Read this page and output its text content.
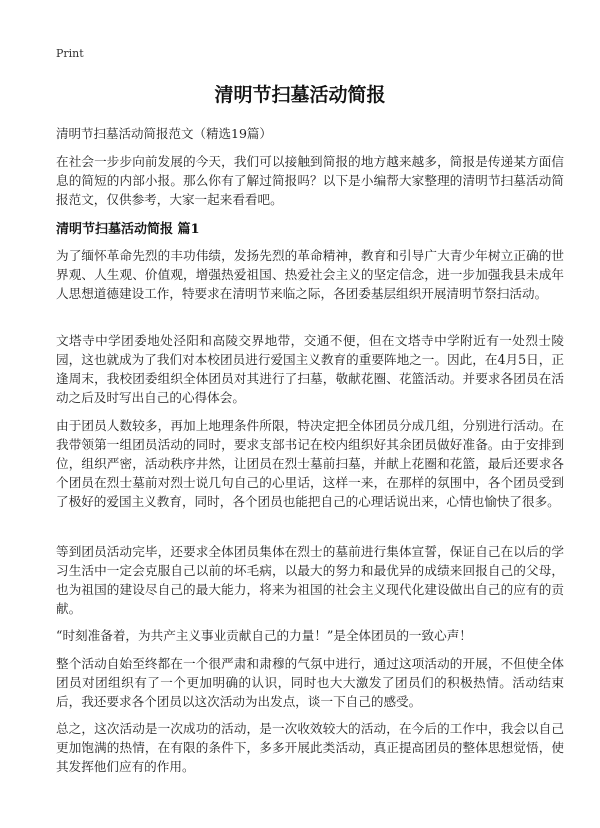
Print
清明节扫墓活动简报
清明节扫墓活动简报范文（精选19篇）

在社会一步步向前发展的今天，我们可以接触到简报的地方越来越多，简报是传递某方面信息的简短的内部小报。那么你有了解过简报吗？以下是小编帮大家整理的清明节扫墓活动简报范文，仅供参考，大家一起来看看吧。

清明节扫墓活动简报 篇1

为了缅怀革命先烈的丰功伟绩，发扬先烈的革命精神，教育和引导广大青少年树立正确的世界观、人生观、价值观，增强热爱祖国、热爱社会主义的坚定信念，进一步加强我县未成年人思想道德建设工作，特要求在清明节来临之际，各团委基层组织开展清明节祭扫活动。

文塔寺中学团委地处泾阳和高陵交界地带，交通不便，但在文塔寺中学附近有一处烈士陵园，这也就成为了我们对本校团员进行爱国主义教育的重要阵地之一。因此，在4月5日，正逢周末，我校团委组织全体团员对其进行了扫墓，敬献花圈、花篮活动。并要求各团员在活动之后及时写出自己的心得体会。

由于团员人数较多，再加上地理条件所限，特决定把全体团员分成几组，分别进行活动。在我带领第一组团员活动的同时，要求支部书记在校内组织好其余团员做好准备。由于安排到位，组织严密，活动秩序井然，让团员在烈士墓前扫墓，并献上花圈和花篮，最后还要求各个团员在烈士墓前对烈士说几句自己的心里话，这样一来，在那样的氛围中，各个团员受到了极好的爱国主义教育，同时，各个团员也能把自己的心理话说出来，心情也愉快了很多。

等到团员活动完毕，还要求全体团员集体在烈士的墓前进行集体宣誓，保证自己在以后的学习生活中一定会克服自己以前的坏毛病，以最大的努力和最优异的成绩来回报自己的父母，也为祖国的建设尽自己的最大能力，将来为祖国的社会主义现代化建设做出自己的应有的贡献。

“时刻准备着，为共产主义事业贡献自己的力量！”是全体团员的一致心声！

整个活动自始至终都在一个很严肃和肃穆的气氛中进行，通过这项活动的开展，不但使全体团员对团组织有了一个更加明确的认识，同时也大大激发了团员们的积极热情。活动结束后，我还要求各个团员以这次活动为出发点，谈一下自己的感受。

总之，这次活动是一次成功的活动，是一次收效较大的活动，在今后的工作中，我会以自己更加饱满的热情，在有限的条件下，多多开展此类活动，真正提高团员的整体思想觉悟，使其发挥他们应有的作用。
